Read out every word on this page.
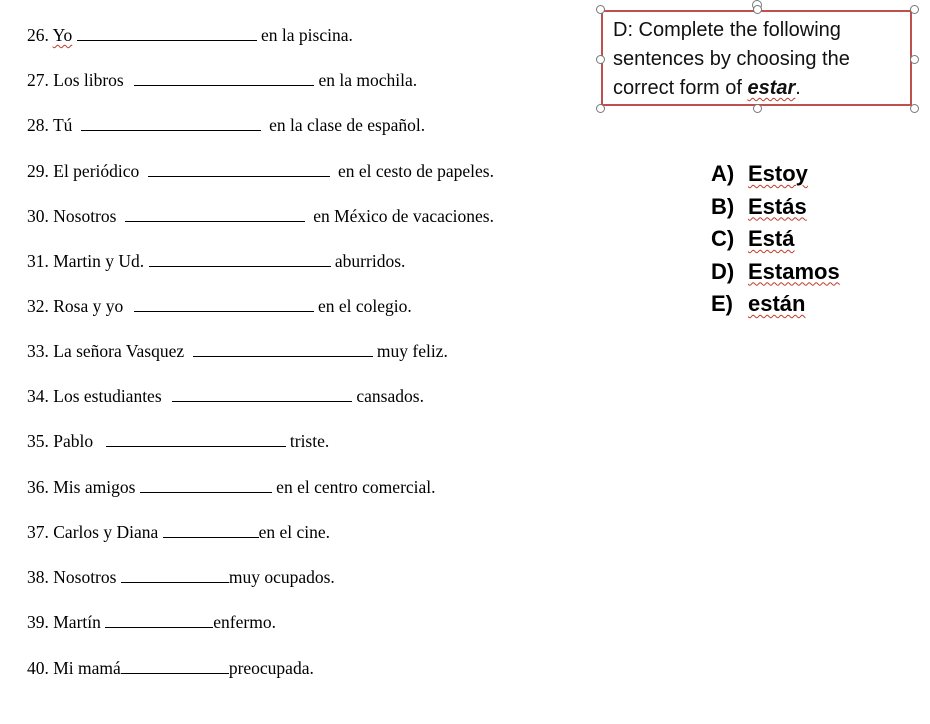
26. Yo	en la piscina.
27. Los libros	en la mochila.
28. Tú	en la clase de español.
29. El periódico	en el cesto de papeles.
30. Nosotros	en México de vacaciones.
31. Martin y Ud.	aburridos.
32. Rosa y yo	en el colegio.
33. La señora Vasquez	muy feliz.
34. Los estudiantes	cansados.
35. Pablo	triste.
36. Mis amigos	en el centro comercial.
37. Carlos y Diana	en el cine.
38. Nosotros	muy ocupados.
39. Martín	enfermo.
40. Mi mamá	preocupada.
D: Complete the following
sentences by choosing the
correct form of estar.
A) Estoy
B) Estás
C) Está
D) Estamos
E) están
